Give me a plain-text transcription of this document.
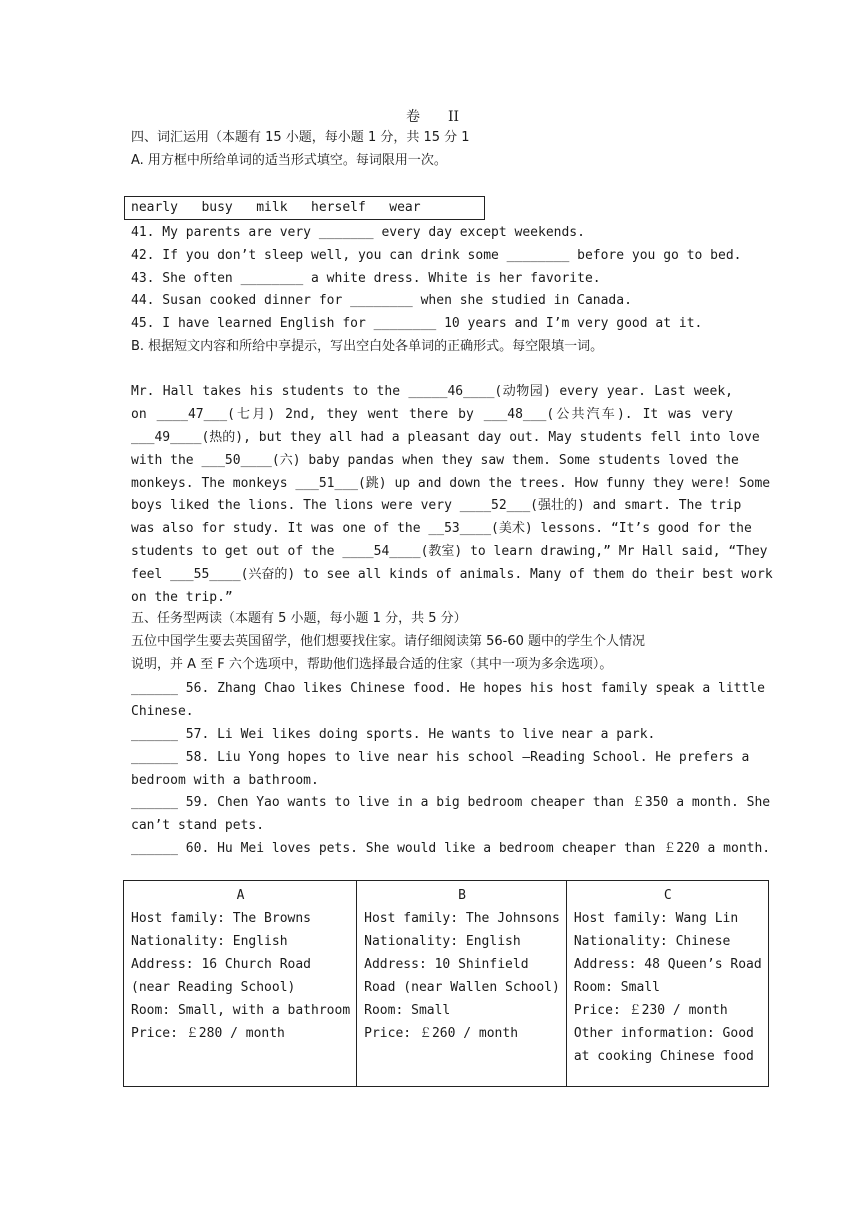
卷　　II
四、词汇运用（本题有 15 小题，每小题 1 分，共 15 分 1
A. 用方框中所给单词的适当形式填空。每词限用一次。
nearly   busy   milk   herself   wear
41. My parents are very _______ every day except weekends.
42. If you don’t sleep well, you can drink some ________ before you go to bed.
43. She often ________ a white dress. White is her favorite.
44. Susan cooked dinner for ________ when she studied in Canada.
45. I have learned English for ________ 10 years and I’m very good at it.
B. 根据短文内容和所给中享提示，写出空白处各单词的正确形式。每空限填一词。
Mr. Hall takes his students to the _____46____(动物园) every year. Last week,
on ____47___(七月) 2nd, they went there by ___48___(公共汽车). It was very
___49____(热的), but they all had a pleasant day out. May students fell into love
with the ___50____(六) baby pandas when they saw them. Some students loved the
monkeys. The monkeys ___51___(跳) up and down the trees. How funny they were! Some
boys liked the lions. The lions were very ____52___(强壮的) and smart. The trip
was also for study. It was one of the __53____(美术) lessons. “It’s good for the
students to get out of the ____54____(教室) to learn drawing,” Mr Hall said, “They
feel ___55____(兴奋的) to see all kinds of animals. Many of them do their best work
on the trip.”
五、任务型两读（本题有 5 小题，每小题 1 分，共 5 分）
五位中国学生要去英国留学，他们想要找住家。请仔细阅读第 56-60 题中的学生个人情况
说明，并 A 至 F 六个选项中，帮助他们选择最合适的住家（其中一项为多余选项）。
______ 56. Zhang Chao likes Chinese food. He hopes his host family speak a little
Chinese.
______ 57. Li Wei likes doing sports. He wants to live near a park.
______ 58. Liu Yong hopes to live near his school –Reading School. He prefers a
bedroom with a bathroom.
______ 59. Chen Yao wants to live in a big bedroom cheaper than ￡350 a month. She
can’t stand pets.
______ 60. Hu Mei loves pets. She would like a bedroom cheaper than ￡220 a month.
A
Host family: The Browns
Nationality: English
Address: 16 Church Road
(near Reading School)
Room: Small, with a bathroom
Price: ￡280 / month

B
Host family: The Johnsons
Nationality: English
Address: 10 Shinfield
Road (near Wallen School)
Room: Small
Price: ￡260 / month

C
Host family: Wang Lin
Nationality: Chinese
Address: 48 Queen’s Road
Room: Small
Price: ￡230 / month
Other information: Good
at cooking Chinese food
